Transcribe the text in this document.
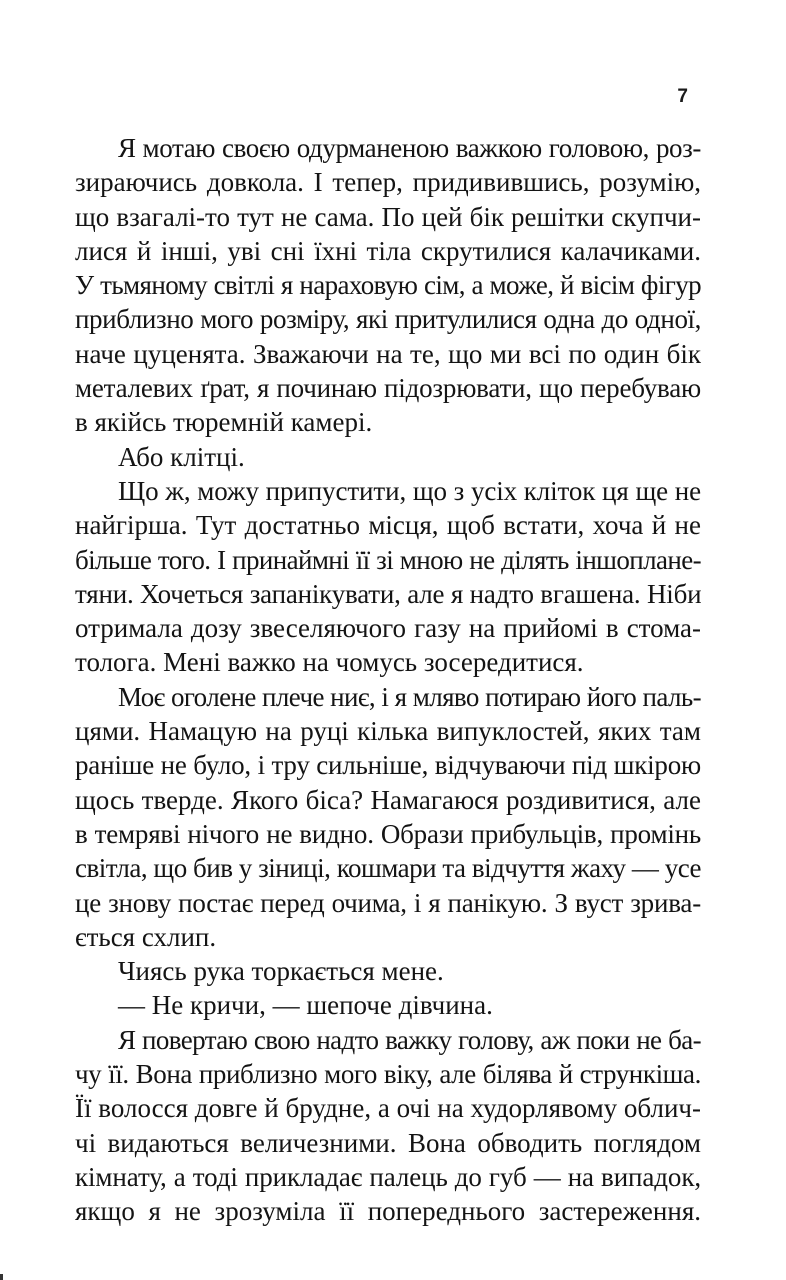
7
Я мотаю своєю одурманеною важкою головою, роз-
зираючись довкола. І тепер, придивившись, розумію,
що взагалі-то тут не сама. По цей бік решітки скупчи-
лися й інші, уві сні їхні тіла скрутилися калачиками.
У тьмяному світлі я нараховую сім, а може, й вісім фігур
приблизно мого розміру, які притулилися одна до одної,
наче цуценята. Зважаючи на те, що ми всі по один бік
металевих ґрат, я починаю підозрювати, що перебуваю
в якійсь тюремній камері.
Або клітці.
Що ж, можу припустити, що з усіх кліток ця ще не
найгірша. Тут достатньо місця, щоб встати, хоча й не
більше того. І принаймні її зі мною не ділять іншопланe-
тяни. Хочеться запанікувати, але я надто вгашена. Ніби
отримала дозу звеселяючого газу на прийомі в стома-
толога. Мені важко на чомусь зосередитися.
Моє оголене плече ниє, і я мляво потираю його паль-
цями. Намацую на руці кілька випуклостей, яких там
раніше не було, і тру сильніше, відчуваючи під шкірою
щось тверде. Якого біса? Намагаюся роздивитися, але
в темряві нічого не видно. Образи прибульців, промінь
світла, що бив у зіниці, кошмари та відчуття жаху — усе
це знову постає перед очима, і я панікую. З вуст зрива-
ється схлип.
Чиясь рука торкається мене.
— Не кричи, — шепоче дівчина.
Я повертаю свою надто важку голову, аж поки не ба-
чу її. Вона приблизно мого віку, але білява й стрункіша.
Її волосся довге й брудне, а очі на худорлявому облич-
чі видаються величезними. Вона обводить поглядом
кімнату, а тоді прикладає палець до губ — на випадок,
якщо я не зрозуміла її попереднього застереження.
